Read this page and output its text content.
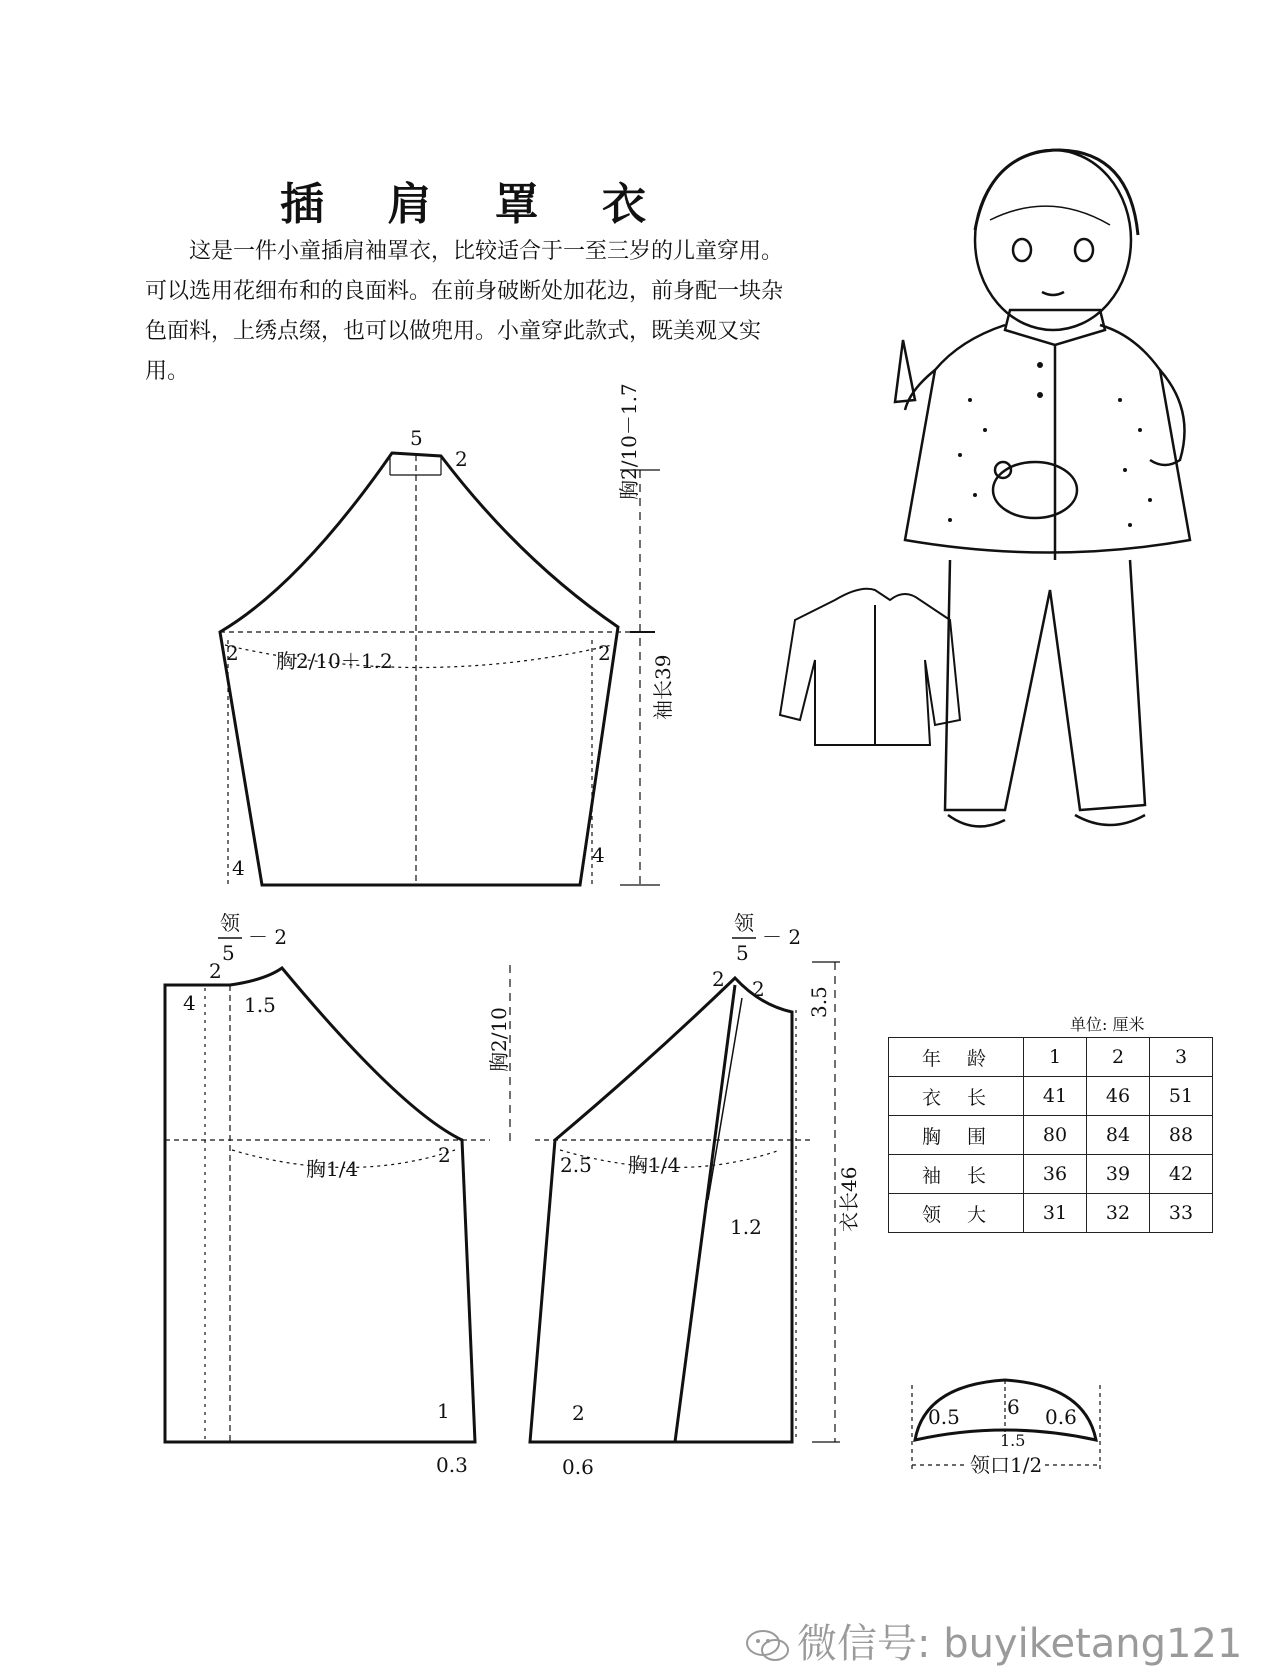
插 肩 罩 衣
这是一件小童插肩袖罩衣，比较适合于一至三岁的儿童穿用。可以选用花细布和的良面料。在前身破断处加花边，前身配一块杂色面料，上绣点缀，也可以做兜用。小童穿此款式，既美观又实用。
5
2	胸2/10－1.7
胸2/10＋1.2
2	2
袖长39
4
4
领
5
－ 2
2
4 1.5
胸2/10
胸1/4
2
1
0.3
领
5
－ 2
2 2 3.5
2.5 胸1/4
1.2	衣长46
2
0.6
单位: 厘米
年龄	1	2	3
衣长	41	46	51
胸围	80	84	88
袖长	36	39	42
领大	31	32	33
0.5 6 0.6
1.5
领口1/2
微信号: buyiketang121
